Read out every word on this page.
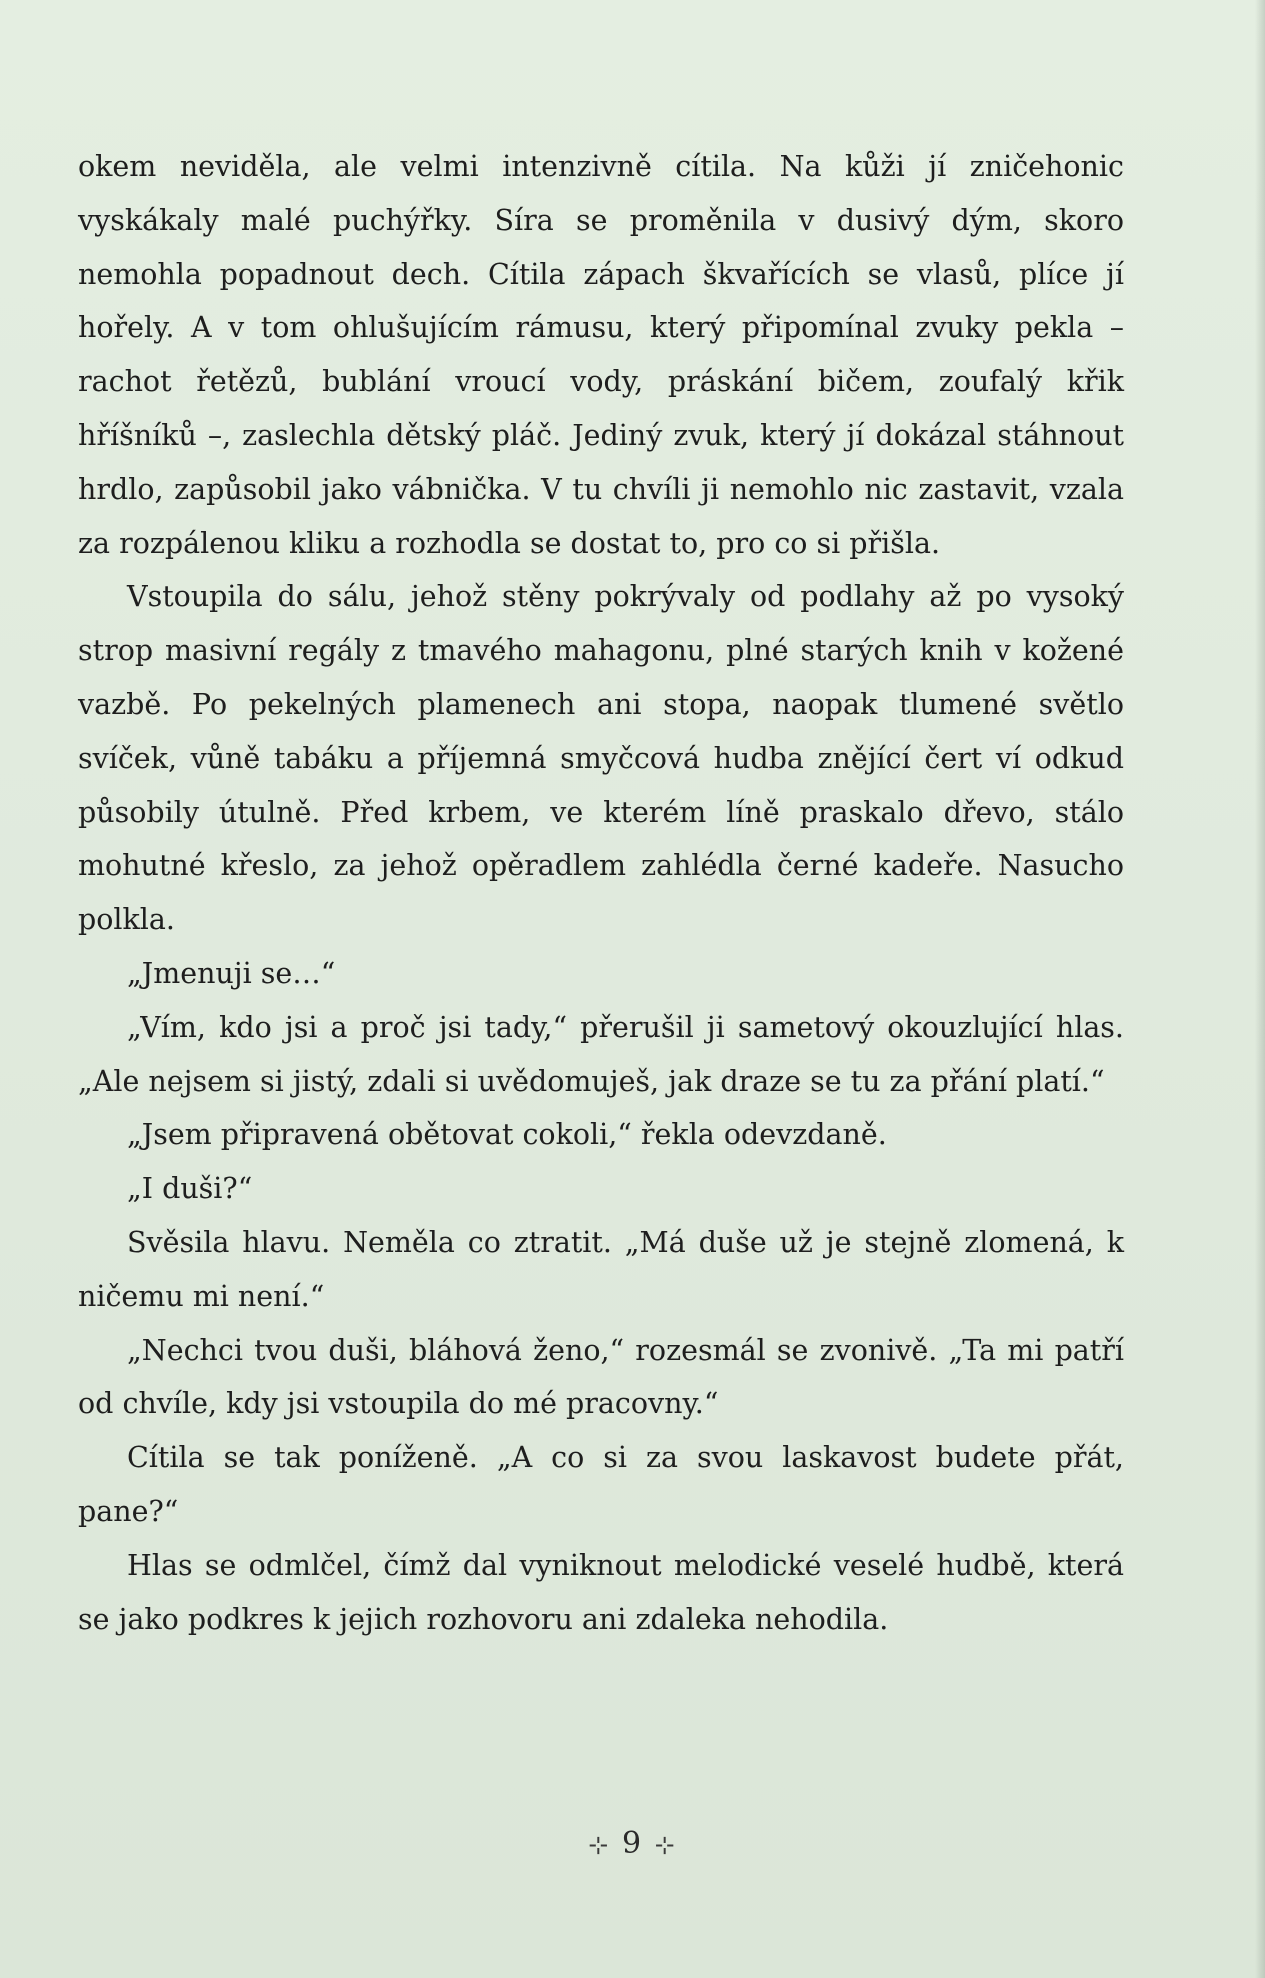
okem neviděla, ale velmi intenzivně cítila. Na kůži jí zničehonic vyskákaly malé puchýřky. Síra se proměnila v dusivý dým, skoro nemohla popadnout dech. Cítila zápach škvařících se vlasů, plíce jí hořely. A v tom ohlušujícím rámusu, který připomínal zvuky pekla – rachot řetězů, bublání vroucí vody, práskání bičem, zoufalý křik hříšníků –, zaslechla dětský pláč. Jediný zvuk, který jí dokázal stáhnout hrdlo, zapůsobil jako vábnička. V tu chvíli ji nemohlo nic zastavit, vzala za rozpálenou kliku a rozhodla se dostat to, pro co si přišla.

Vstoupila do sálu, jehož stěny pokrývaly od podlahy až po vysoký strop masivní regály z tmavého mahagonu, plné starých knih v kožené vazbě. Po pekelných plamenech ani stopa, naopak tlumené světlo svíček, vůně tabáku a příjemná smyčcová hudba znějící čert ví odkud působily útulně. Před krbem, ve kterém líně praskalo dřevo, stálo mohutné křeslo, za jehož opěradlem zahlédla černé kadeře. Nasucho polkla.

„Jmenuji se…“

„Vím, kdo jsi a proč jsi tady,“ přerušil ji sametový okouzlující hlas. „Ale nejsem si jistý, zdali si uvědomuješ, jak draze se tu za přání platí.“

„Jsem připravená obětovat cokoli,“ řekla odevzdaně.

„I duši?“

Svěsila hlavu. Neměla co ztratit. „Má duše už je stejně zlomená, k ničemu mi není.“

„Nechci tvou duši, bláhová ženo,“ rozesmál se zvonivě. „Ta mi patří od chvíle, kdy jsi vstoupila do mé pracovny.“

Cítila se tak poníženě. „A co si za svou laskavost budete přát, pane?“

Hlas se odmlčel, čímž dal vyniknout melodické veselé hudbě, která se jako podkres k jejich rozhovoru ani zdaleka nehodila.

⊹ 9 ⊹
